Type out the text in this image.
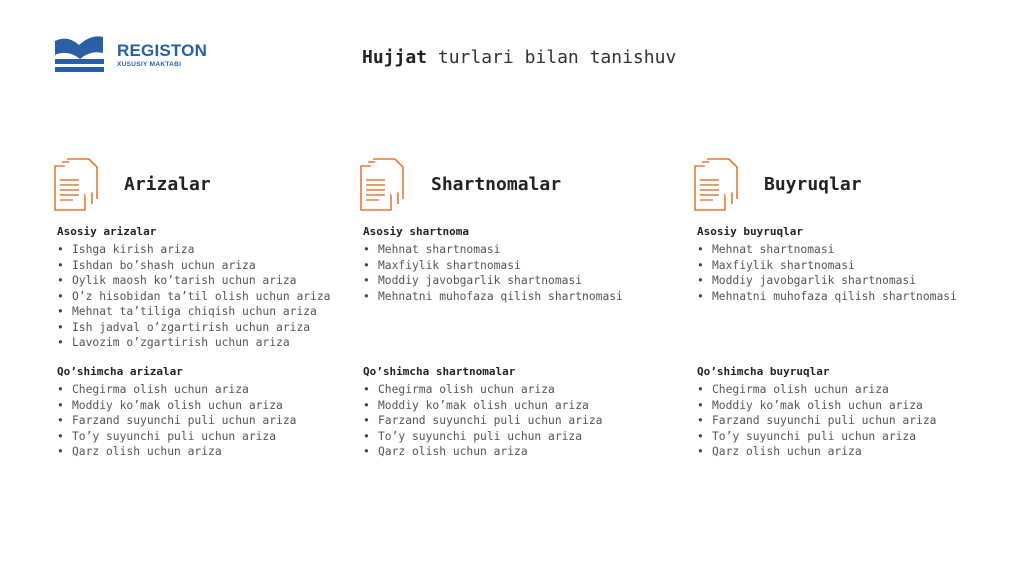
REGISTON
XUSUSIY MAKTABI	Hujjat turlari bilan tanishuv
Arizalar
Asosiy arizalar
• Ishga kirish ariza
• Ishdan bo’shash uchun ariza
• Oylik maosh ko’tarish uchun ariza
• O’z hisobidan ta’til olish uchun ariza
• Mehnat ta’tiliga chiqish uchun ariza
• Ish jadval o’zgartirish uchun ariza
• Lavozim o’zgartirish uchun ariza
Qo’shimcha arizalar
• Chegirma olish uchun ariza
• Moddiy ko’mak olish uchun ariza
• Farzand suyunchi puli uchun ariza
• To’y suyunchi puli uchun ariza
• Qarz olish uchun ariza
Shartnomalar
Asosiy shartnoma
• Mehnat shartnomasi
• Maxfiylik shartnomasi
• Moddiy javobgarlik shartnomasi
• Mehnatni muhofaza qilish shartnomasi
Qo’shimcha shartnomalar
• Chegirma olish uchun ariza
• Moddiy ko’mak olish uchun ariza
• Farzand suyunchi puli uchun ariza
• To’y suyunchi puli uchun ariza
• Qarz olish uchun ariza
Buyruqlar
Asosiy buyruqlar
• Mehnat shartnomasi
• Maxfiylik shartnomasi
• Moddiy javobgarlik shartnomasi
• Mehnatni muhofaza qilish shartnomasi
Qo’shimcha buyruqlar
• Chegirma olish uchun ariza
• Moddiy ko’mak olish uchun ariza
• Farzand suyunchi puli uchun ariza
• To’y suyunchi puli uchun ariza
• Qarz olish uchun ariza
